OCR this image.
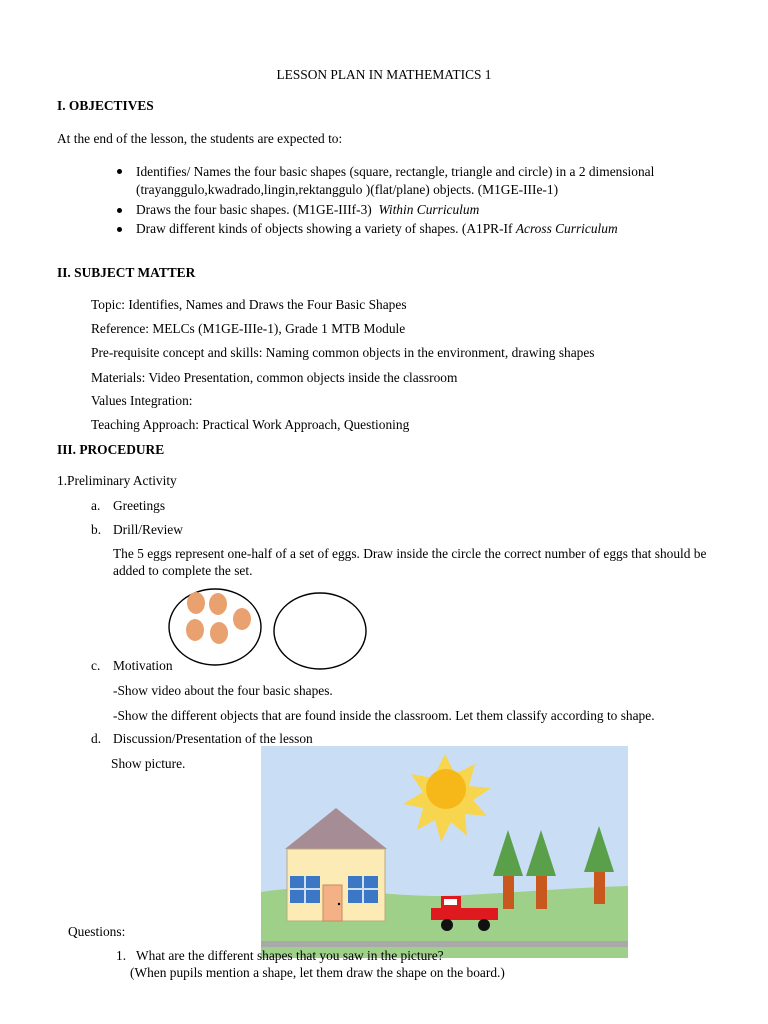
LESSON PLAN IN MATHEMATICS 1
I. OBJECTIVES
At the end of the lesson, the students are expected to:
Identifies/ Names the four basic shapes (square, rectangle, triangle and circle) in a 2 dimensional
(trayanggulo,kwadrado,lingin,rektanggulo )(flat/plane) objects. (M1GE-IIIe-1)
Draws the four basic shapes. (M1GE-IIIf-3) Within Curriculum
Draw different kinds of objects showing a variety of shapes. (A1PR-If Across Curriculum
II. SUBJECT MATTER
Topic: Identifies, Names and Draws the Four Basic Shapes
Reference: MELCs (M1GE-IIIe-1), Grade 1 MTB Module
Pre-requisite concept and skills: Naming common objects in the environment, drawing shapes
Materials: Video Presentation, common objects inside the classroom
Values Integration:
Teaching Approach: Practical Work Approach, Questioning
III. PROCEDURE
1.Preliminary Activity
a. Greetings
b. Drill/Review
The 5 eggs represent one-half of a set of eggs. Draw inside the circle the correct number of eggs that should be
added to complete the set.
c. Motivation
-Show video about the four basic shapes.
-Show the different objects that are found inside the classroom. Let them classify according to shape.
d. Discussion/Presentation of the lesson
Show picture.
Questions:
1. What are the different shapes that you saw in the picture?
(When pupils mention a shape, let them draw the shape on the board.)
